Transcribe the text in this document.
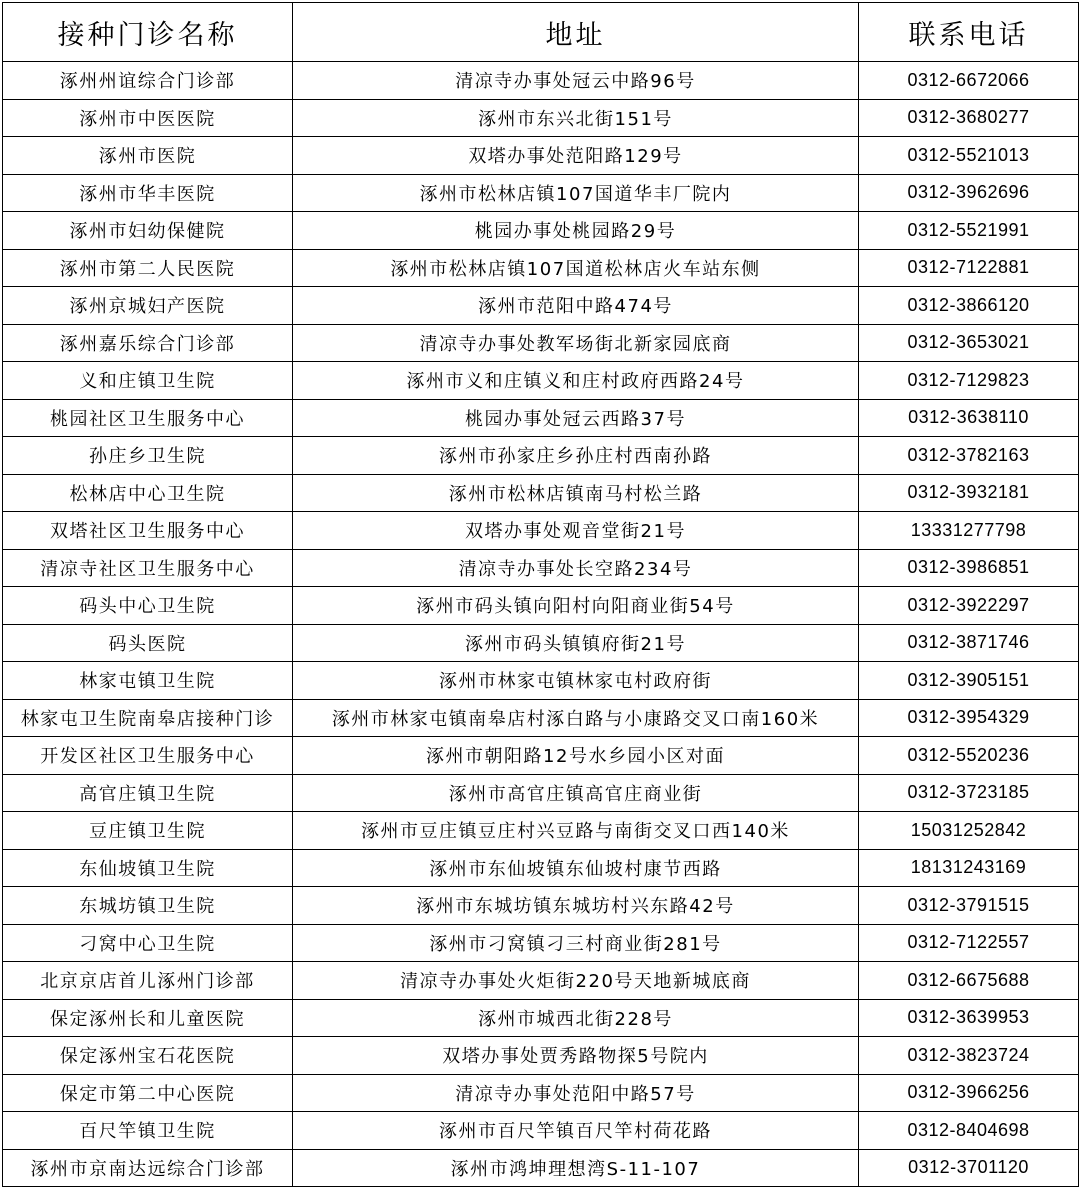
接种门诊名称	地址	联系电话
涿州州谊综合门诊部	清凉寺办事处冠云中路96号	0312-6672066
涿州市中医医院	涿州市东兴北街151号	0312-3680277
涿州市医院	双塔办事处范阳路129号	0312-5521013
涿州市华丰医院	涿州市松林店镇107国道华丰厂院内	0312-3962696
涿州市妇幼保健院	桃园办事处桃园路29号	0312-5521991
涿州市第二人民医院	涿州市松林店镇107国道松林店火车站东侧	0312-7122881
涿州京城妇产医院	涿州市范阳中路474号	0312-3866120
涿州嘉乐综合门诊部	清凉寺办事处教军场街北新家园底商	0312-3653021
义和庄镇卫生院	涿州市义和庄镇义和庄村政府西路24号	0312-7129823
桃园社区卫生服务中心	桃园办事处冠云西路37号	0312-3638110
孙庄乡卫生院	涿州市孙家庄乡孙庄村西南孙路	0312-3782163
松林店中心卫生院	涿州市松林店镇南马村松兰路	0312-3932181
双塔社区卫生服务中心	双塔办事处观音堂街21号	13331277798
清凉寺社区卫生服务中心	清凉寺办事处长空路234号	0312-3986851
码头中心卫生院	涿州市码头镇向阳村向阳商业街54号	0312-3922297
码头医院	涿州市码头镇镇府街21号	0312-3871746
林家屯镇卫生院	涿州市林家屯镇林家屯村政府街	0312-3905151
林家屯卫生院南皋店接种门诊	涿州市林家屯镇南皋店村涿白路与小康路交叉口南160米	0312-3954329
开发区社区卫生服务中心	涿州市朝阳路12号水乡园小区对面	0312-5520236
高官庄镇卫生院	涿州市高官庄镇高官庄商业街	0312-3723185
豆庄镇卫生院	涿州市豆庄镇豆庄村兴豆路与南街交叉口西140米	15031252842
东仙坡镇卫生院	涿州市东仙坡镇东仙坡村康节西路	18131243169
东城坊镇卫生院	涿州市东城坊镇东城坊村兴东路42号	0312-3791515
刁窝中心卫生院	涿州市刁窝镇刁三村商业街281号	0312-7122557
北京京店首儿涿州门诊部	清凉寺办事处火炬街220号天地新城底商	0312-6675688
保定涿州长和儿童医院	涿州市城西北街228号	0312-3639953
保定涿州宝石花医院	双塔办事处贾秀路物探5号院内	0312-3823724
保定市第二中心医院	清凉寺办事处范阳中路57号	0312-3966256
百尺竿镇卫生院	涿州市百尺竿镇百尺竿村荷花路	0312-8404698
涿州市京南达远综合门诊部	涿州市鸿坤理想湾S-11-107	0312-3701120
